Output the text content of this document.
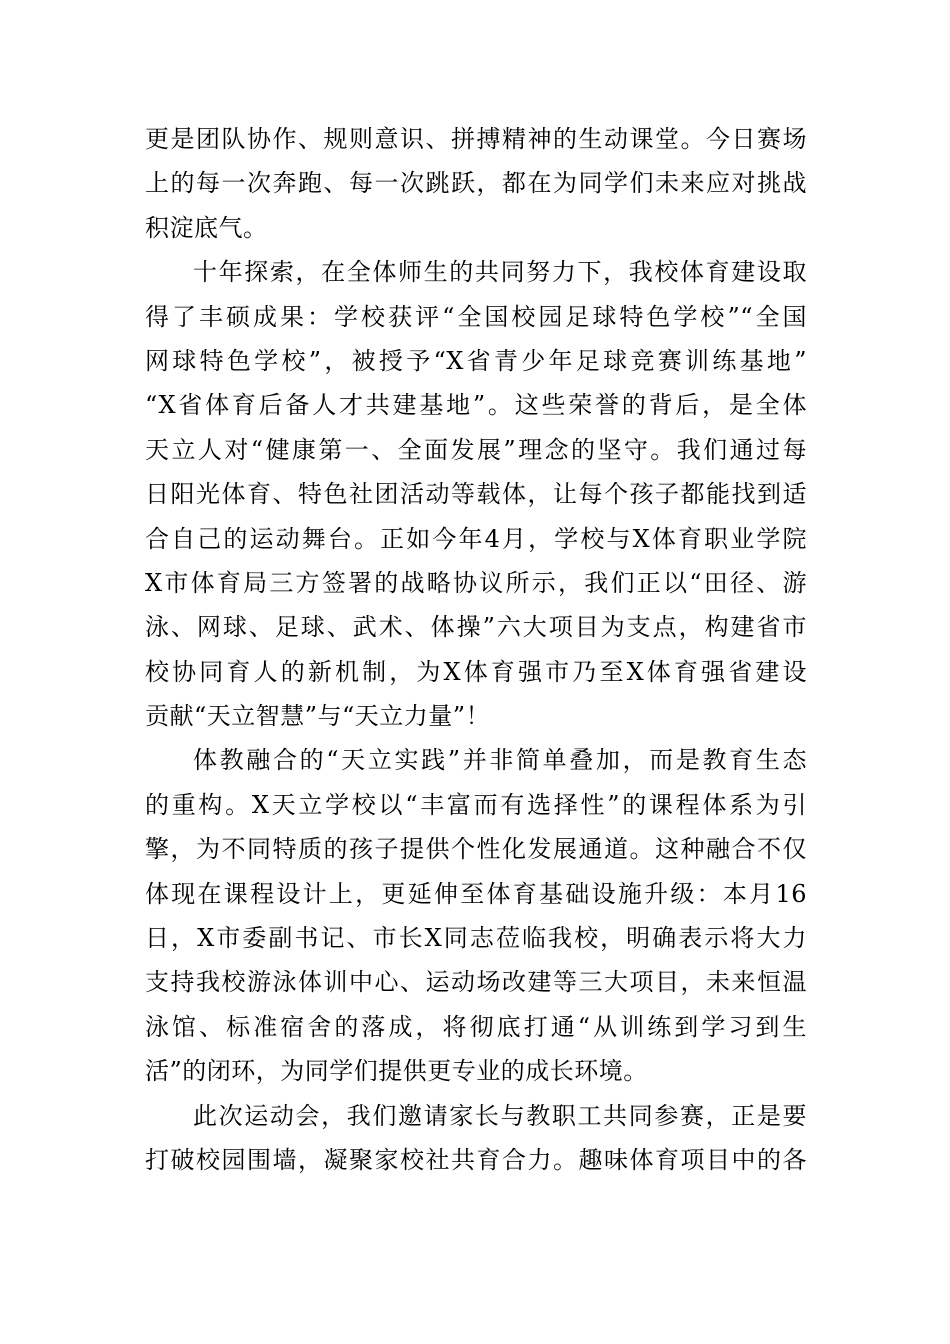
更是团队协作、规则意识、拼搏精神的生动课堂。今日赛场
上的每一次奔跑、每一次跳跃，都在为同学们未来应对挑战
积淀底气。
十年探索，在全体师生的共同努力下，我校体育建设取
得了丰硕成果：学校获评“全国校园足球特色学校”“全国
网球特色学校”，被授予“X省青少年足球竞赛训练基地”
“X省体育后备人才共建基地”。这些荣誉的背后，是全体
天立人对“健康第一、全面发展”理念的坚守。我们通过每
日阳光体育、特色社团活动等载体，让每个孩子都能找到适
合自己的运动舞台。正如今年4月，学校与X体育职业学院
X市体育局三方签署的战略协议所示，我们正以“田径、游
泳、网球、足球、武术、体操”六大项目为支点，构建省市
校协同育人的新机制，为X体育强市乃至X体育强省建设
贡献“天立智慧”与“天立力量”！
体教融合的“天立实践”并非简单叠加，而是教育生态
的重构。X天立学校以“丰富而有选择性”的课程体系为引
擎，为不同特质的孩子提供个性化发展通道。这种融合不仅
体现在课程设计上，更延伸至体育基础设施升级：本月16
日，X市委副书记、市长X同志莅临我校，明确表示将大力
支持我校游泳体训中心、运动场改建等三大项目，未来恒温
泳馆、标准宿舍的落成，将彻底打通“从训练到学习到生
活”的闭环，为同学们提供更专业的成长环境。
此次运动会，我们邀请家长与教职工共同参赛，正是要
打破校园围墙，凝聚家校社共育合力。趣味体育项目中的各
